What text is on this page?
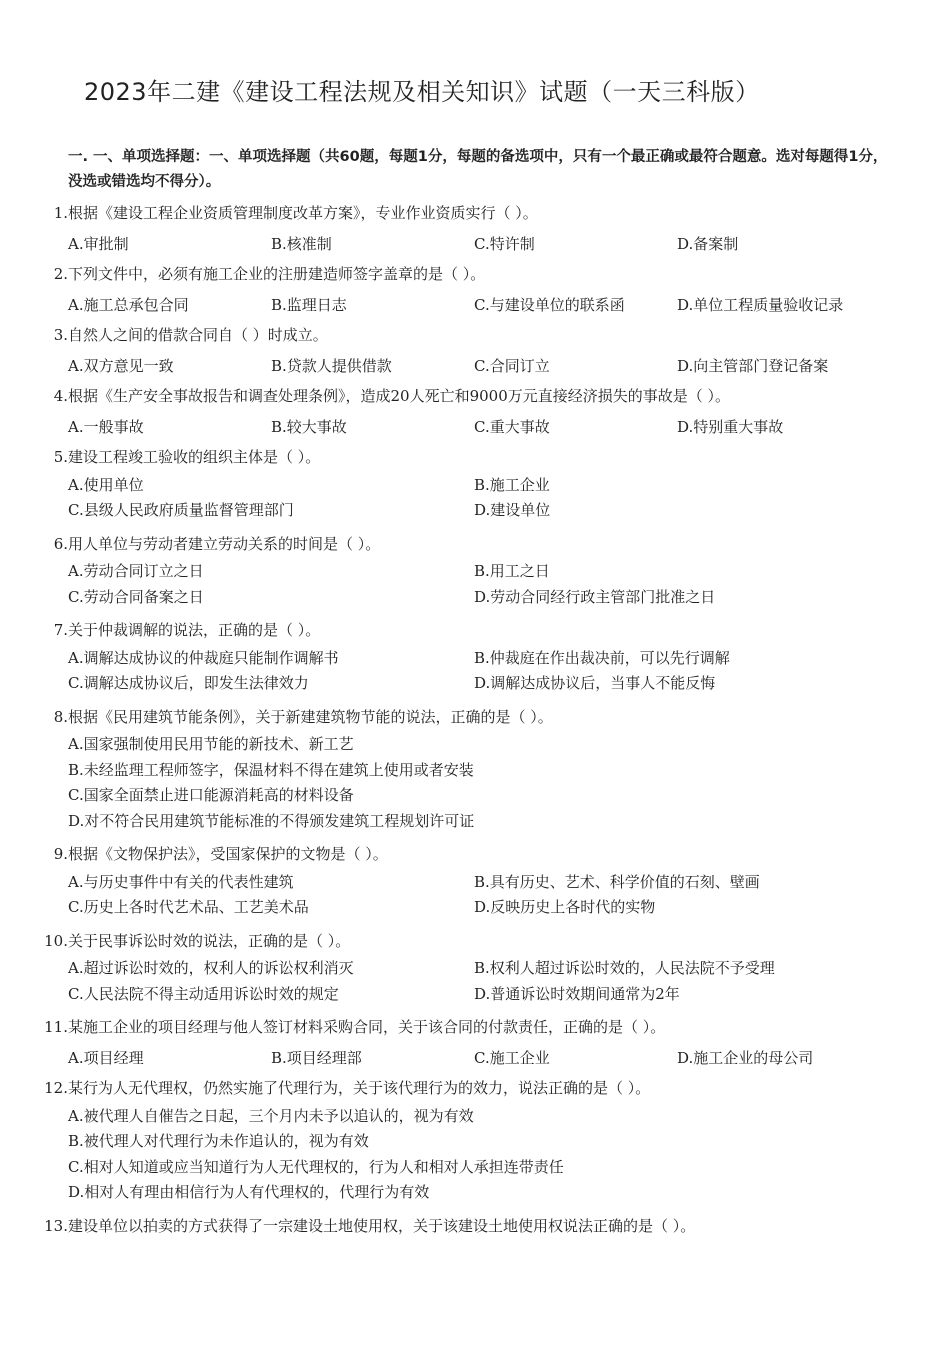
2023年二建《建设工程法规及相关知识》试题（一天三科版）
一. 一、单项选择题：一、单项选择题（共60题，每题1分，每题的备选项中，只有一个最正确或最符合题意。选对每题得1分，没选或错选均不得分）。
1.根据《建设工程企业资质管理制度改革方案》，专业作业资质实行（ ）。
A.审批制	B.核准制	C.特许制	D.备案制
2.下列文件中，必须有施工企业的注册建造师签字盖章的是（ ）。
A.施工总承包合同	B.监理日志	C.与建设单位的联系函	D.单位工程质量验收记录
3.自然人之间的借款合同自（ ）时成立。
A.双方意见一致	B.贷款人提供借款	C.合同订立	D.向主管部门登记备案
4.根据《生产安全事故报告和调查处理条例》，造成20人死亡和9000万元直接经济损失的事故是（ ）。
A.一般事故	B.较大事故	C.重大事故	D.特别重大事故
5.建设工程竣工验收的组织主体是（ ）。
A.使用单位	B.施工企业
C.县级人民政府质量监督管理部门	D.建设单位
6.用人单位与劳动者建立劳动关系的时间是（ ）。
A.劳动合同订立之日	B.用工之日
C.劳动合同备案之日	D.劳动合同经行政主管部门批准之日
7.关于仲裁调解的说法，正确的是（ ）。
A.调解达成协议的仲裁庭只能制作调解书	B.仲裁庭在作出裁决前，可以先行调解
C.调解达成协议后，即发生法律效力	D.调解达成协议后，当事人不能反悔
8.根据《民用建筑节能条例》，关于新建建筑物节能的说法，正确的是（ ）。
A.国家强制使用民用节能的新技术、新工艺
B.未经监理工程师签字，保温材料不得在建筑上使用或者安装
C.国家全面禁止进口能源消耗高的材料设备
D.对不符合民用建筑节能标准的不得颁发建筑工程规划许可证
9.根据《文物保护法》，受国家保护的文物是（ ）。
A.与历史事件中有关的代表性建筑	B.具有历史、艺术、科学价值的石刻、壁画
C.历史上各时代艺术品、工艺美术品	D.反映历史上各时代的实物
10.关于民事诉讼时效的说法，正确的是（ ）。
A.超过诉讼时效的，权利人的诉讼权利消灭	B.权利人超过诉讼时效的，人民法院不予受理
C.人民法院不得主动适用诉讼时效的规定	D.普通诉讼时效期间通常为2年
11.某施工企业的项目经理与他人签订材料采购合同，关于该合同的付款责任，正确的是（ ）。
A.项目经理	B.项目经理部	C.施工企业	D.施工企业的母公司
12.某行为人无代理权，仍然实施了代理行为，关于该代理行为的效力，说法正确的是（ ）。
A.被代理人自催告之日起，三个月内未予以追认的，视为有效
B.被代理人对代理行为未作追认的，视为有效
C.相对人知道或应当知道行为人无代理权的，行为人和相对人承担连带责任
D.相对人有理由相信行为人有代理权的，代理行为有效
13.建设单位以拍卖的方式获得了一宗建设土地使用权，关于该建设土地使用权说法正确的是（ ）。
